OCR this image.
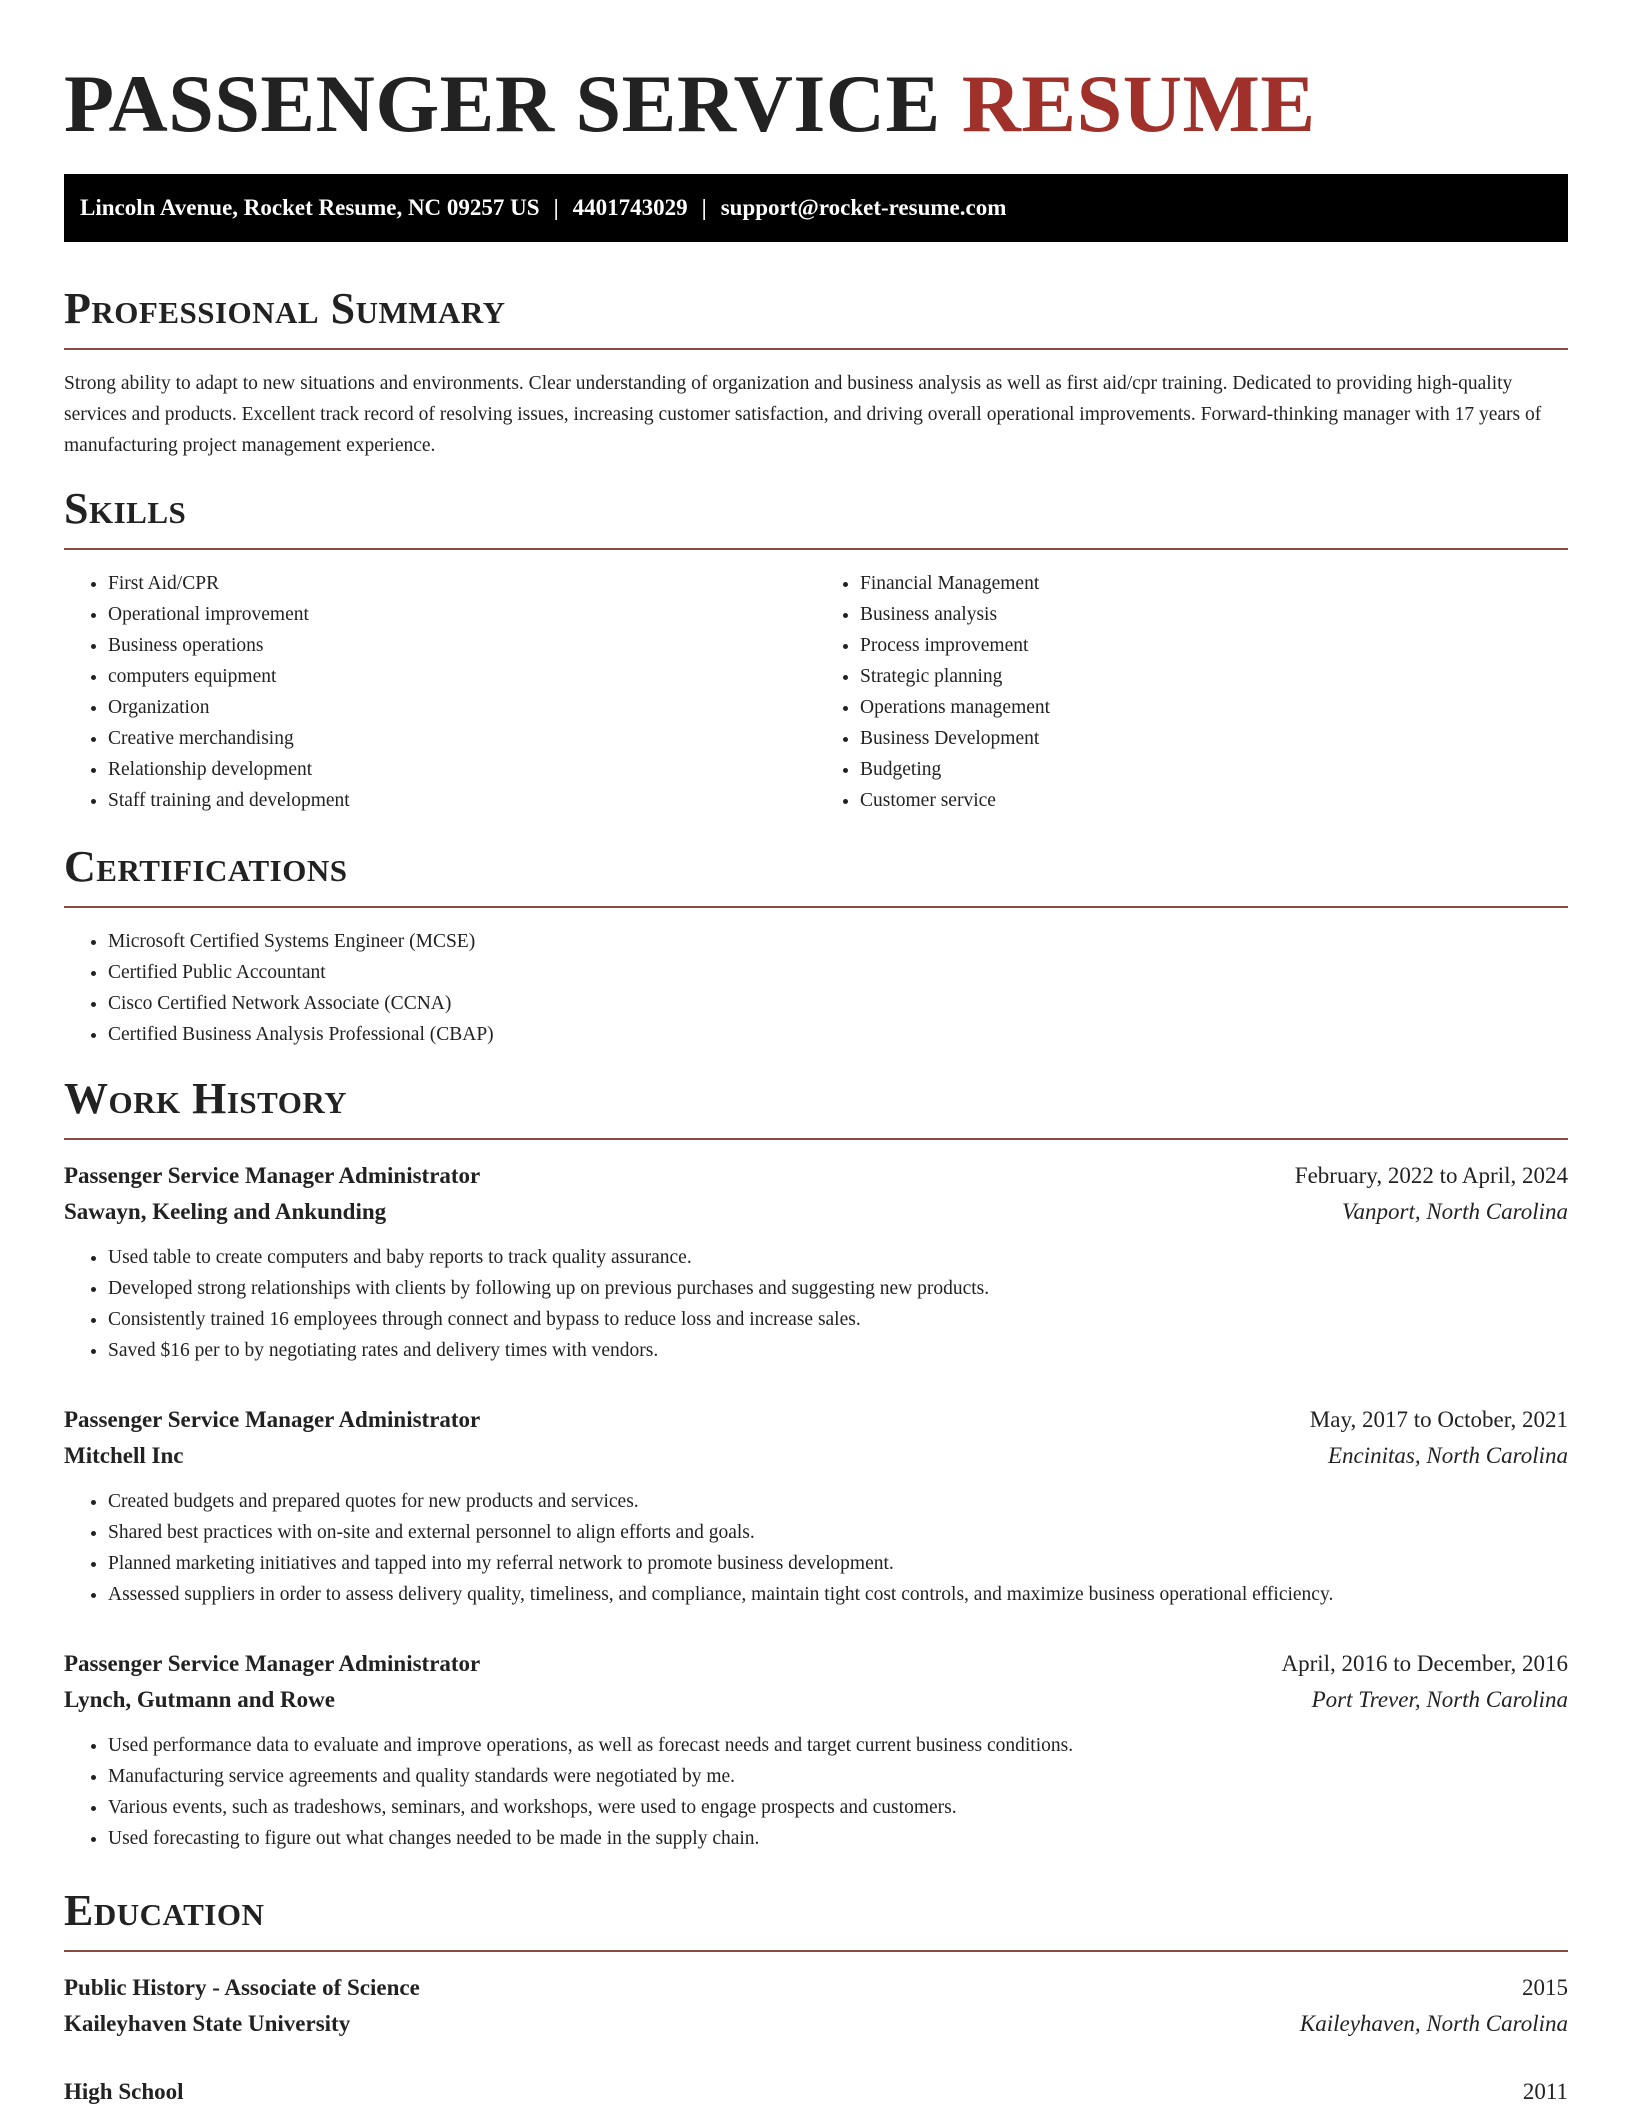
PASSENGER SERVICE RESUME
Lincoln Avenue, Rocket Resume, NC 09257 US | 4401743029 | support@rocket-resume.com
Professional Summary

Strong ability to adapt to new situations and environments. Clear understanding of organization and business analysis as well as first aid/cpr training. Dedicated to providing high-quality services and products. Excellent track record of resolving issues, increasing customer satisfaction, and driving overall operational improvements. Forward-thinking manager with 17 years of manufacturing project management experience.

Skills
• First Aid/CPR
• Operational improvement
• Business operations
• computers equipment
• Organization
• Creative merchandising
• Relationship development
• Staff training and development
• Financial Management
• Business analysis
• Process improvement
• Strategic planning
• Operations management
• Business Development
• Budgeting
• Customer service
Certifications
• Microsoft Certified Systems Engineer (MCSE)
• Certified Public Accountant
• Cisco Certified Network Associate (CCNA)
• Certified Business Analysis Professional (CBAP)
Work History
Passenger Service Manager Administrator	February, 2022 to April, 2024
Sawayn, Keeling and Ankunding	Vanport, North Carolina
• Used table to create computers and baby reports to track quality assurance.
• Developed strong relationships with clients by following up on previous purchases and suggesting new products.
• Consistently trained 16 employees through connect and bypass to reduce loss and increase sales.
• Saved $16 per to by negotiating rates and delivery times with vendors.
Passenger Service Manager Administrator	May, 2017 to October, 2021
Mitchell Inc	Encinitas, North Carolina
• Created budgets and prepared quotes for new products and services.
• Shared best practices with on-site and external personnel to align efforts and goals.
• Planned marketing initiatives and tapped into my referral network to promote business development.
• Assessed suppliers in order to assess delivery quality, timeliness, and compliance, maintain tight cost controls, and maximize business operational efficiency.
Passenger Service Manager Administrator	April, 2016 to December, 2016
Lynch, Gutmann and Rowe	Port Trever, North Carolina
• Used performance data to evaluate and improve operations, as well as forecast needs and target current business conditions.
• Manufacturing service agreements and quality standards were negotiated by me.
• Various events, such as tradeshows, seminars, and workshops, were used to engage prospects and customers.
• Used forecasting to figure out what changes needed to be made in the supply chain.
Education
Public History - Associate of Science	2015
Kaileyhaven State University	Kaileyhaven, North Carolina
High School	2011
